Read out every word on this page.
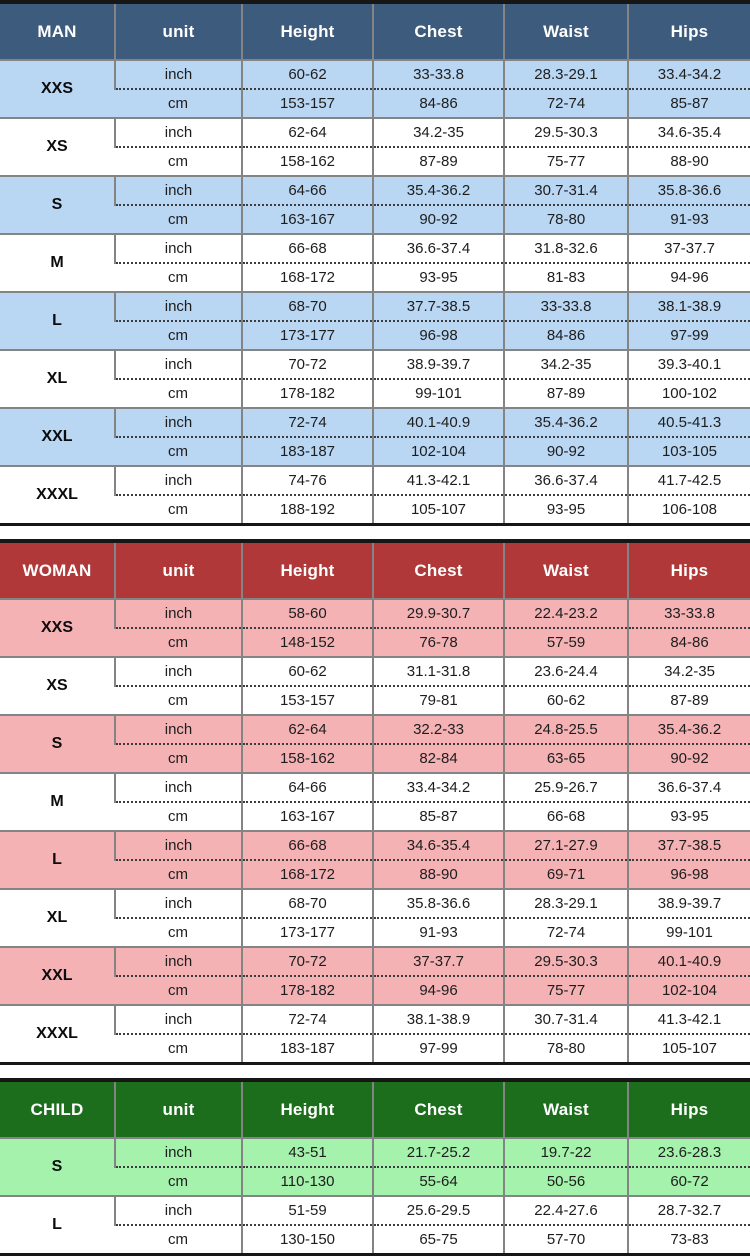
MAN	unit	Height	Chest	Waist	Hips
XXS	inch	60-62	33-33.8	28.3-29.1	33.4-34.2
	cm	153-157	84-86	72-74	85-87
XS	inch	62-64	34.2-35	29.5-30.3	34.6-35.4
	cm	158-162	87-89	75-77	88-90
S	inch	64-66	35.4-36.2	30.7-31.4	35.8-36.6
	cm	163-167	90-92	78-80	91-93
M	inch	66-68	36.6-37.4	31.8-32.6	37-37.7
	cm	168-172	93-95	81-83	94-96
L	inch	68-70	37.7-38.5	33-33.8	38.1-38.9
	cm	173-177	96-98	84-86	97-99
XL	inch	70-72	38.9-39.7	34.2-35	39.3-40.1
	cm	178-182	99-101	87-89	100-102
XXL	inch	72-74	40.1-40.9	35.4-36.2	40.5-41.3
	cm	183-187	102-104	90-92	103-105
XXXL	inch	74-76	41.3-42.1	36.6-37.4	41.7-42.5
	cm	188-192	105-107	93-95	106-108
WOMAN	unit	Height	Chest	Waist	Hips
XXS	inch	58-60	29.9-30.7	22.4-23.2	33-33.8
	cm	148-152	76-78	57-59	84-86
XS	inch	60-62	31.1-31.8	23.6-24.4	34.2-35
	cm	153-157	79-81	60-62	87-89
S	inch	62-64	32.2-33	24.8-25.5	35.4-36.2
	cm	158-162	82-84	63-65	90-92
M	inch	64-66	33.4-34.2	25.9-26.7	36.6-37.4
	cm	163-167	85-87	66-68	93-95
L	inch	66-68	34.6-35.4	27.1-27.9	37.7-38.5
	cm	168-172	88-90	69-71	96-98
XL	inch	68-70	35.8-36.6	28.3-29.1	38.9-39.7
	cm	173-177	91-93	72-74	99-101
XXL	inch	70-72	37-37.7	29.5-30.3	40.1-40.9
	cm	178-182	94-96	75-77	102-104
XXXL	inch	72-74	38.1-38.9	30.7-31.4	41.3-42.1
	cm	183-187	97-99	78-80	105-107
CHILD	unit	Height	Chest	Waist	Hips
S	inch	43-51	21.7-25.2	19.7-22	23.6-28.3
	cm	110-130	55-64	50-56	60-72
L	inch	51-59	25.6-29.5	22.4-27.6	28.7-32.7
	cm	130-150	65-75	57-70	73-83
